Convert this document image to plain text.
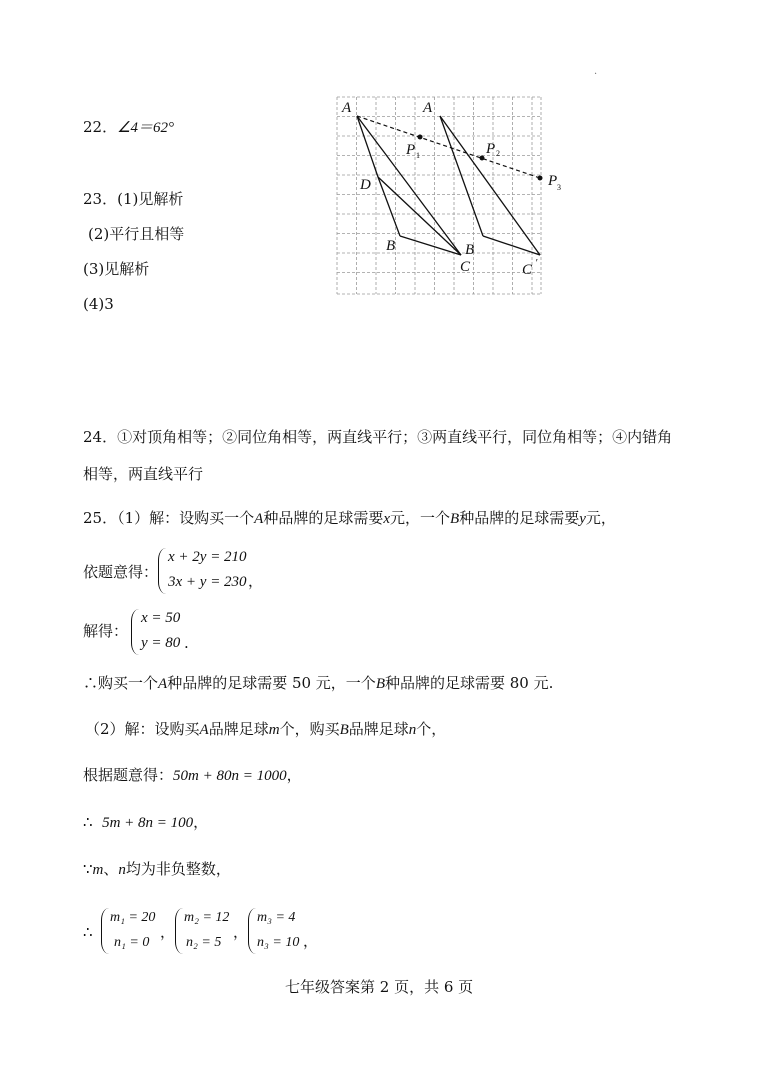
22．∠4＝62°
23．(1)见解析
(2)平行且相等
(3)见解析
(4)3
A	A
D
B	B
C	C ′
P 1	P 2
P 3
·
24．①对顶角相等；②同位角相等，两直线平行；③两直线平行，同位角相等；④内错角
相等，两直线平行
25．（1）解：设购买一个A种品牌的足球需要x元，一个B种品牌的足球需要y元，
依题意得：
x + 2y = 210
3x + y = 230 ，
解得：
x = 50
y = 80 .
∴购买一个A种品牌的足球需要 50 元，一个B种品牌的足球需要 80 元.
（2）解：设购买A品牌足球m个，购买B品牌足球n个，
根据题意得：50m + 80n = 1000，
∴ 5m + 8n = 100，
∵m、n均为非负整数，
∴
m₁ = 20
n₁ = 0
，
m₂ = 12
n₂ = 5
，
m₃ = 4
n₃ = 10 ，
七年级答案第 2 页，共 6 页
